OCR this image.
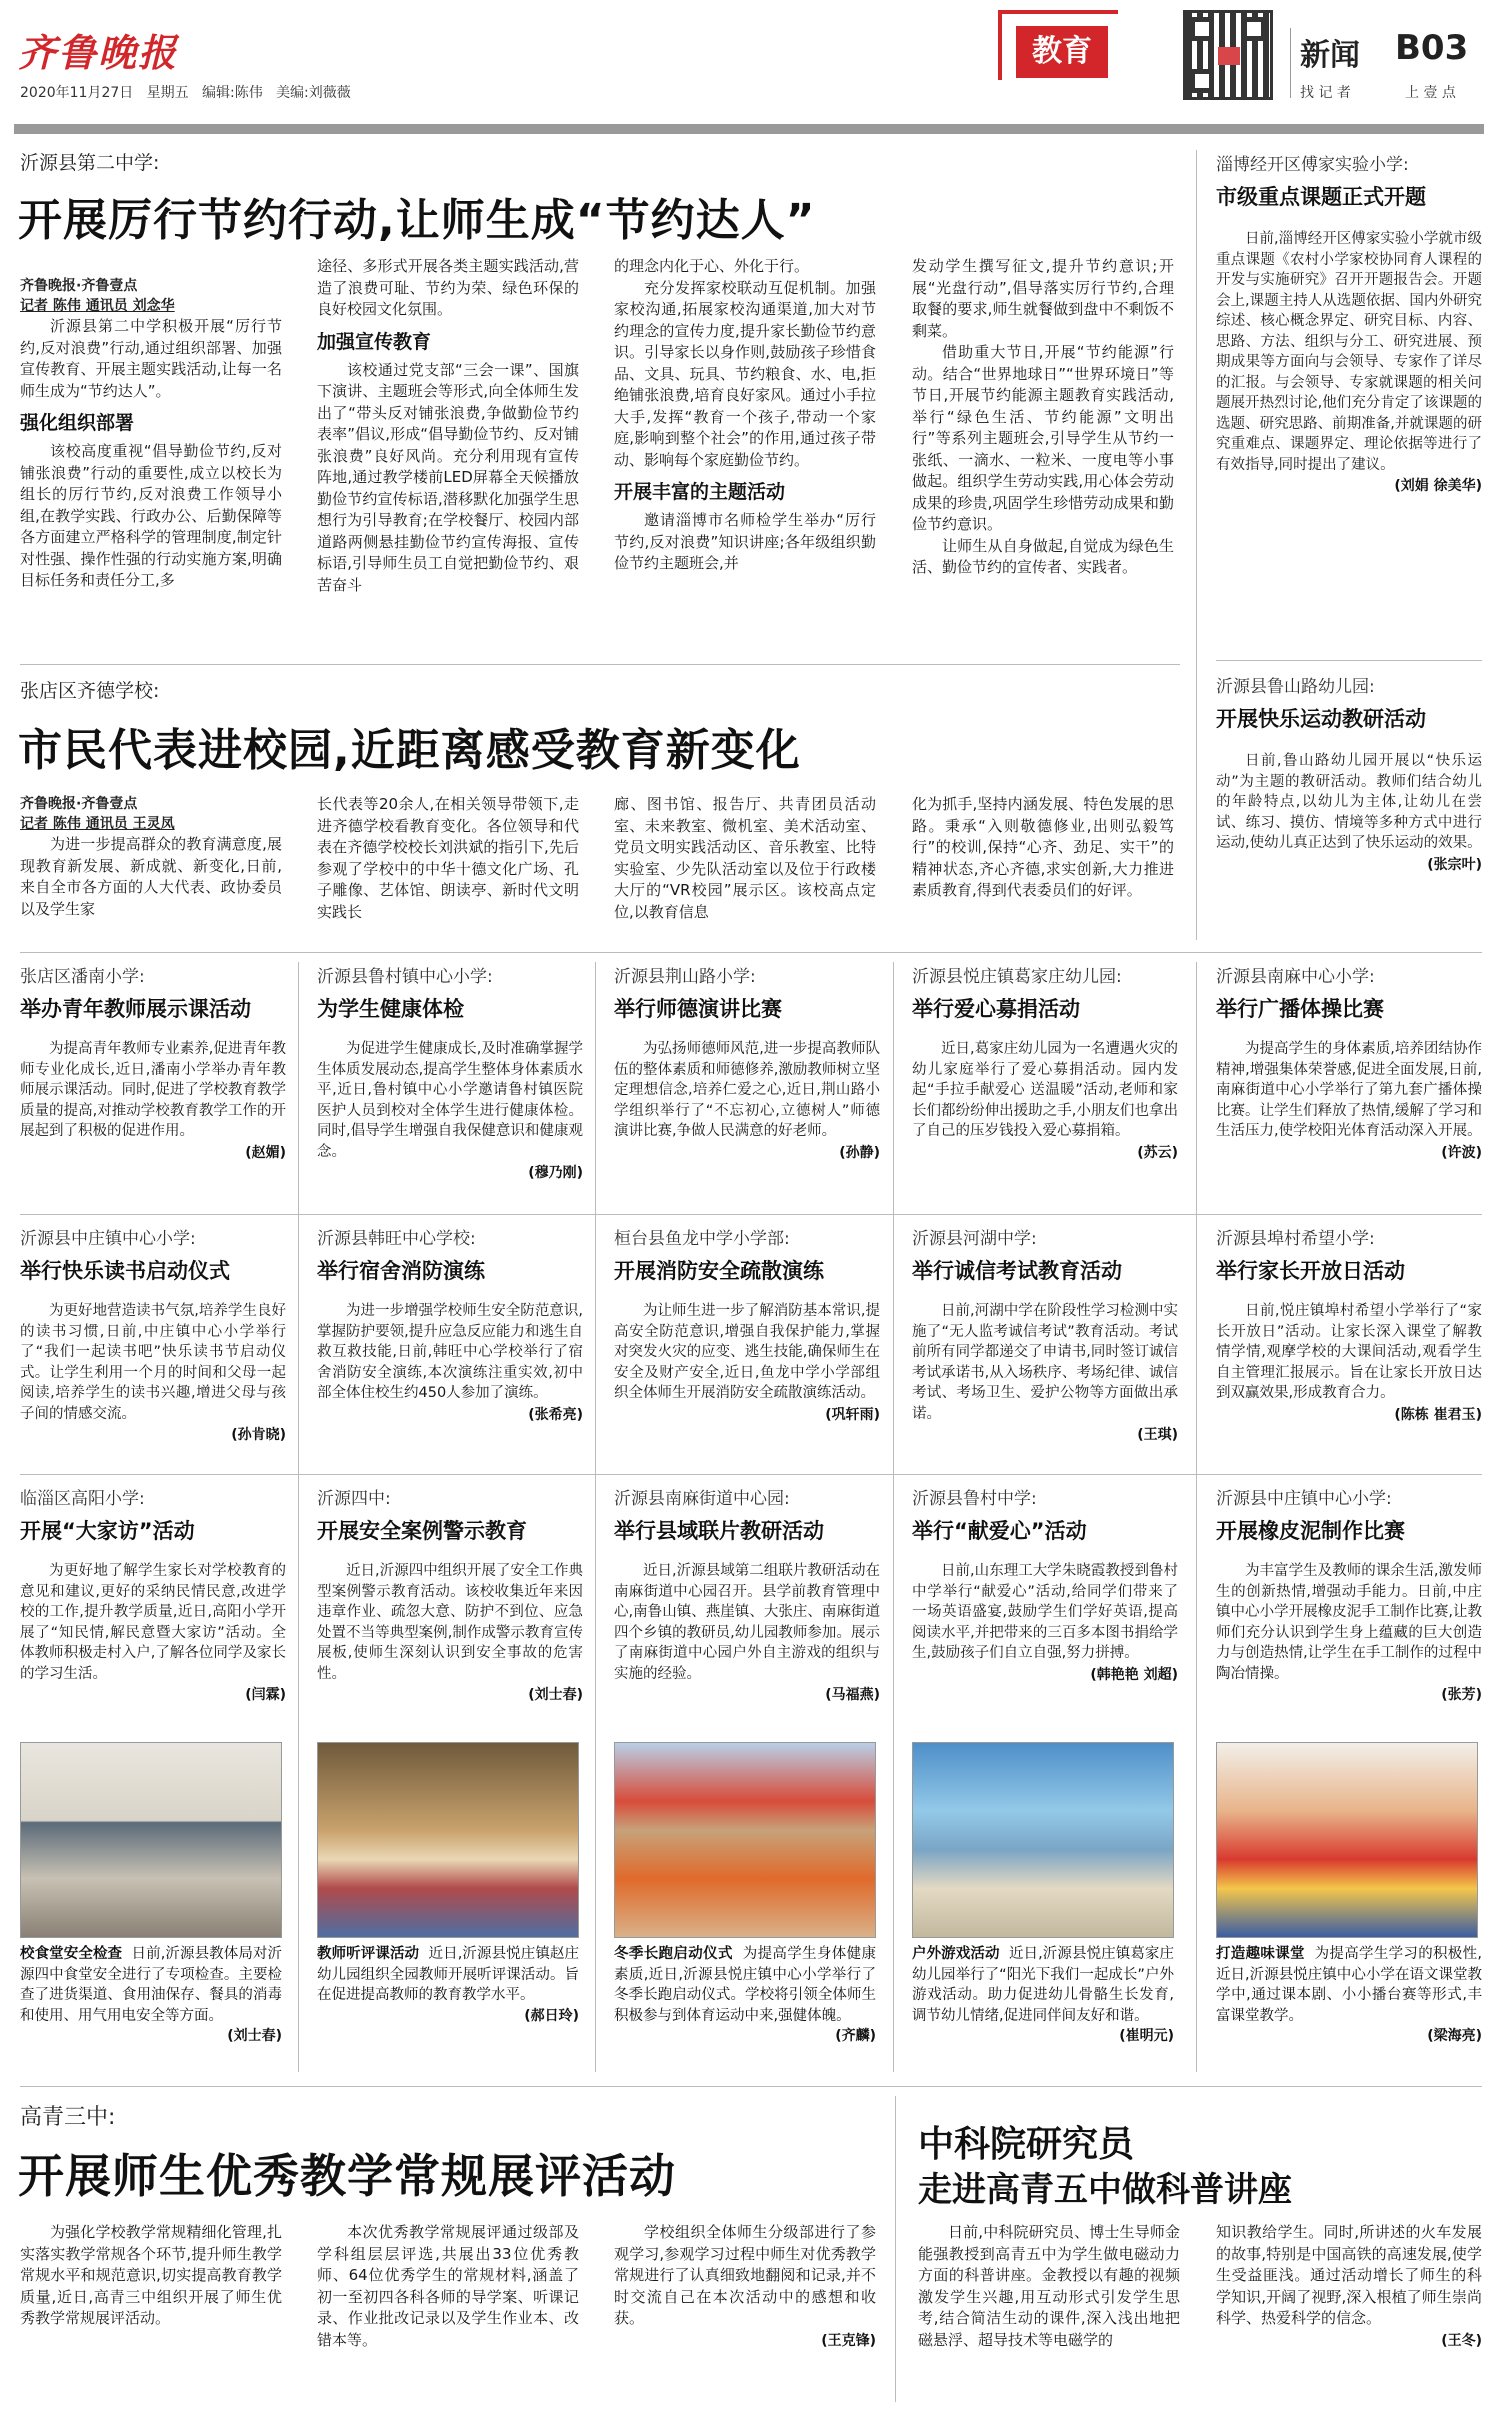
齐鲁晚报
2020年11月27日 星期五 编辑:陈伟 美编:刘薇薇
教育	新闻 B03
找 记 者	上 壹 点
沂源县第二中学:
开展厉行节约行动,让师生成“节约达人”
齐鲁晚报·齐鲁壹点
记者 陈伟 通讯员 刘念华

沂源县第二中学积极开展“厉行节约,反对浪费”行动,通过组织部署、加强宣传教育、开展主题实践活动,让每一名师生成为“节约达人”。

强化组织部署

该校高度重视“倡导勤俭节约,反对铺张浪费”行动的重要性,成立以校长为组长的厉行节约,反对浪费工作领导小组,在教学实践、行政办公、后勤保障等各方面建立严格科学的管理制度,制定针对性强、操作性强的行动实施方案,明确目标任务和责任分工,多

途径、多形式开展各类主题实践活动,营造了浪费可耻、节约为荣、绿色环保的良好校园文化氛围。

加强宣传教育

该校通过党支部“三会一课”、国旗下演讲、主题班会等形式,向全体师生发出了“带头反对铺张浪费,争做勤俭节约表率”倡议,形成“倡导勤俭节约、反对铺张浪费”良好风尚。充分利用现有宣传阵地,通过教学楼前LED屏幕全天候播放勤俭节约宣传标语,潜移默化加强学生思想行为引导教育;在学校餐厅、校园内部道路两侧悬挂勤俭节约宣传海报、宣传标语,引导师生员工自觉把勤俭节约、艰苦奋斗

的理念内化于心、外化于行。

充分发挥家校联动互促机制。加强家校沟通,拓展家校沟通渠道,加大对节约理念的宣传力度,提升家长勤俭节约意识。引导家长以身作则,鼓励孩子珍惜食品、文具、玩具、节约粮食、水、电,拒绝铺张浪费,培育良好家风。通过小手拉大手,发挥“教育一个孩子,带动一个家庭,影响到整个社会”的作用,通过孩子带动、影响每个家庭勤俭节约。

开展丰富的主题活动

邀请淄博市名师检学生举办“厉行节约,反对浪费”知识讲座;各年级组织勤俭节约主题班会,并

发动学生撰写征文,提升节约意识;开展“光盘行动”,倡导落实厉行节约,合理取餐的要求,师生就餐做到盘中不剩饭不剩菜。

借助重大节日,开展“节约能源”行动。结合“世界地球日”“世界环境日”等节日,开展节约能源主题教育实践活动,举行“绿色生活、节约能源”文明出行”等系列主题班会,引导学生从节约一张纸、一滴水、一粒米、一度电等小事做起。组织学生劳动实践,用心体会劳动成果的珍贵,巩固学生珍惜劳动成果和勤俭节约意识。

让师生从自身做起,自觉成为绿色生活、勤俭节约的宣传者、实践者。

淄博经开区傅家实验小学:
市级重点课题正式开题

日前,淄博经开区傅家实验小学就市级重点课题《农村小学家校协同育人课程的开发与实施研究》召开开题报告会。开题会上,课题主持人从选题依据、国内外研究综述、核心概念界定、研究目标、内容、思路、方法、组织与分工、研究进展、预期成果等方面向与会领导、专家作了详尽的汇报。与会领导、专家就课题的相关问题展开热烈讨论,他们充分肯定了该课题的选题、研究思路、前期准备,并就课题的研究重难点、课题界定、理论依据等进行了有效指导,同时提出了建议。

(刘娟 徐美华)
沂源县鲁山路幼儿园:
开展快乐运动教研活动

日前,鲁山路幼儿园开展以“快乐运动”为主题的教研活动。教师们结合幼儿的年龄特点,以幼儿为主体,让幼儿在尝试、练习、摸仿、情境等多种方式中进行运动,使幼儿真正达到了快乐运动的效果。

(张宗叶)
张店区齐德学校:
市民代表进校园,近距离感受教育新变化
齐鲁晚报·齐鲁壹点
记者 陈伟 通讯员 王灵凤

为进一步提高群众的教育满意度,展现教育新发展、新成就、新变化,日前,来自全市各方面的人大代表、政协委员以及学生家

长代表等20余人,在相关领导带领下,走进齐德学校看教育变化。各位领导和代表在齐德学校校长刘洪斌的指引下,先后参观了学校中的中华十德文化广场、孔子雕像、艺体馆、朗读亭、新时代文明实践长

廊、图书馆、报告厅、共青团员活动室、未来教室、微机室、美术活动室、党员文明实践活动区、音乐教室、比特实验室、少先队活动室以及位于行政楼大厅的“VR校园”展示区。该校高点定位,以教育信息

化为抓手,坚持内涵发展、特色发展的思路。秉承“入则敬德修业,出则弘毅笃行”的校训,保持“心齐、劲足、实干”的精神状态,齐心齐德,求实创新,大力推进素质教育,得到代表委员们的好评。

张店区潘南小学:
举办青年教师展示课活动

为提高青年教师专业素养,促进青年教师专业化成长,近日,潘南小学举办青年教师展示课活动。同时,促进了学校教育教学质量的提高,对推动学校教育教学工作的开展起到了积极的促进作用。

(赵媚)
沂源县鲁村镇中心小学:
为学生健康体检

为促进学生健康成长,及时准确掌握学生体质发展动态,提高学生整体身体素质水平,近日,鲁村镇中心小学邀请鲁村镇医院医护人员到校对全体学生进行健康体检。同时,倡导学生增强自我保健意识和健康观念。

(穆乃刚)
沂源县荆山路小学:
举行师德演讲比赛

为弘扬师德师风范,进一步提高教师队伍的整体素质和师德修养,激励教师树立坚定理想信念,培养仁爱之心,近日,荆山路小学组织举行了“不忘初心,立德树人”师德演讲比赛,争做人民满意的好老师。

(孙静)
沂源县悦庄镇葛家庄幼儿园:
举行爱心募捐活动

近日,葛家庄幼儿园为一名遭遇火灾的幼儿家庭举行了爱心募捐活动。园内发起“手拉手献爱心 送温暖”活动,老师和家长们都纷纷伸出援助之手,小朋友们也拿出了自己的压岁钱投入爱心募捐箱。

(苏云)
沂源县南麻中心小学:
举行广播体操比赛

为提高学生的身体素质,培养团结协作精神,增强集体荣誉感,促进全面发展,日前,南麻街道中心小学举行了第九套广播体操比赛。让学生们释放了热情,缓解了学习和生活压力,使学校阳光体育活动深入开展。

(许波)
沂源县中庄镇中心小学:
举行快乐读书启动仪式

为更好地营造读书气氛,培养学生良好的读书习惯,日前,中庄镇中心小学举行了“我们一起读书吧”快乐读书节启动仪式。让学生利用一个月的时间和父母一起阅读,培养学生的读书兴趣,增进父母与孩子间的情感交流。

(孙肯晓)
沂源县韩旺中心学校:
举行宿舍消防演练

为进一步增强学校师生安全防范意识,掌握防护要领,提升应急反应能力和逃生自救互救技能,日前,韩旺中心学校举行了宿舍消防安全演练,本次演练注重实效,初中部全体住校生约450人参加了演练。

(张希亮)
桓台县鱼龙中学小学部:
开展消防安全疏散演练

为让师生进一步了解消防基本常识,提高安全防范意识,增强自我保护能力,掌握对突发火灾的应变、逃生技能,确保师生在安全及财产安全,近日,鱼龙中学小学部组织全体师生开展消防安全疏散演练活动。

(巩轩雨)
沂源县河湖中学:
举行诚信考试教育活动

日前,河湖中学在阶段性学习检测中实施了“无人监考诚信考试”教育活动。考试前所有同学都递交了申请书,同时签订诚信考试承诺书,从入场秩序、考场纪律、诚信考试、考场卫生、爱护公物等方面做出承诺。

(王琪)
沂源县埠村希望小学:
举行家长开放日活动

日前,悦庄镇埠村希望小学举行了“家长开放日”活动。让家长深入课堂了解教情学情,观摩学校的大课间活动,观看学生自主管理汇报展示。旨在让家长开放日达到双赢效果,形成教育合力。

(陈栋 崔君玉)
临淄区高阳小学:
开展“大家访”活动

为更好地了解学生家长对学校教育的意见和建议,更好的采纳民情民意,改进学校的工作,提升教学质量,近日,高阳小学开展了“知民情,解民意暨大家访”活动。全体教师积极走村入户,了解各位同学及家长的学习生活。

(闫霖)
沂源四中:
开展安全案例警示教育

近日,沂源四中组织开展了安全工作典型案例警示教育活动。该校收集近年来因违章作业、疏忽大意、防护不到位、应急处置不当等典型案例,制作成警示教育宣传展板,使师生深刻认识到安全事故的危害性。

(刘士春)
沂源县南麻街道中心园:
举行县域联片教研活动

近日,沂源县域第二组联片教研活动在南麻街道中心园召开。县学前教育管理中心,南鲁山镇、燕崖镇、大张庄、南麻街道四个乡镇的教研员,幼儿园教师参加。展示了南麻街道中心园户外自主游戏的组织与实施的经验。

(马福燕)
沂源县鲁村中学:
举行“献爱心”活动

日前,山东理工大学朱晓霞教授到鲁村中学举行“献爱心”活动,给同学们带来了一场英语盛宴,鼓励学生们学好英语,提高阅读水平,并把带来的三百多本图书捐给学生,鼓励孩子们自立自强,努力拼搏。

(韩艳艳 刘超)
沂源县中庄镇中心小学:
开展橡皮泥制作比赛

为丰富学生及教师的课余生活,激发师生的创新热情,增强动手能力。日前,中庄镇中心小学开展橡皮泥手工制作比赛,让教师们充分认识到学生身上蕴藏的巨大创造力与创造热情,让学生在手工制作的过程中陶冶情操。

(张芳)
校食堂安全检查 日前,沂源县教体局对沂源四中食堂安全进行了专项检查。主要检查了进货渠道、食用油保存、餐具的消毒和使用、用气用电安全等方面。
(刘士春)
教师听评课活动 近日,沂源县悦庄镇赵庄幼儿园组织全园教师开展听评课活动。旨在促进提高教师的教育教学水平。
(郝日玲)
冬季长跑启动仪式 为提高学生身体健康素质,近日,沂源县悦庄镇中心小学举行了冬季长跑启动仪式。学校将引领全体师生积极参与到体育运动中来,强健体魄。
(齐麟)
户外游戏活动 近日,沂源县悦庄镇葛家庄幼儿园举行了“阳光下我们一起成长”户外游戏活动。助力促进幼儿骨骼生长发育,调节幼儿情绪,促进同伴间友好和谐。
(崔明元)
打造趣味课堂 为提高学生学习的积极性,近日,沂源县悦庄镇中心小学在语文课堂教学中,通过课本剧、小小播台赛等形式,丰富课堂教学。
(梁海亮)
高青三中:
开展师生优秀教学常规展评活动

为强化学校教学常规精细化管理,扎实落实教学常规各个环节,提升师生教学常规水平和规范意识,切实提高教育教学质量,近日,高青三中组织开展了师生优秀教学常规展评活动。

本次优秀教学常规展评通过级部及学科组层层评选,共展出33位优秀教师、64位优秀学生的常规材料,涵盖了初一至初四各科各师的导学案、听课记录、作业批改记录以及学生作业本、改错本等。

学校组织全体师生分级部进行了参观学习,参观学习过程中师生对优秀教学常规进行了认真细致地翻阅和记录,并不时交流自己在本次活动中的感想和收获。

(王克锋)
中科院研究员
走进高青五中做科普讲座

日前,中科院研究员、博士生导师金能强教授到高青五中为学生做电磁动力方面的科普讲座。金教授以有趣的视频激发学生兴趣,用互动形式引发学生思考,结合简洁生动的课件,深入浅出地把磁悬浮、超导技术等电磁学的

知识教给学生。同时,所讲述的火车发展的故事,特别是中国高铁的高速发展,使学生受益匪浅。通过活动增长了师生的科学知识,开阔了视野,深入根植了师生崇尚科学、热爱科学的信念。

(王冬)
